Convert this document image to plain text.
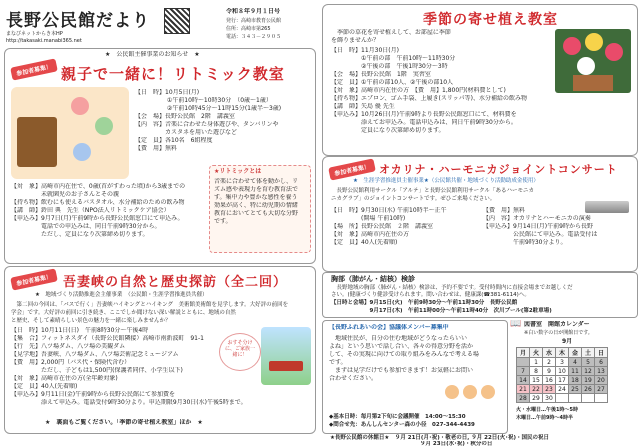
長野公民館だより
まなびネットからき本HP
http://takasaki.manabi365.net
令和８年９月１日号
発行：高崎市教育公民館
住所：高崎市第265
電話：３４３－２９０５
★　公民館主催事業のお知らせ　★
参加者募集！ 親子で一緒に！リトミック教室
【日　時】10月5日(月)
　　　　　 ①午前10時～10時30分　（0歳～1歳）
　　　　　 ②午前10時45分～11時15分(1歳半～3歳)
【会　場】長野公民館　2階　講義室
【内　容】音楽に合わせた身体遊びや、タンバリンや
　　　　　カスタネを用いた遊びなど
【定　員】各10名　6組程度
【費　用】無料
【対　象】高崎市内在住で、0歳(首がすわった頃)から3歳までの
　　　　　未就園児のお子さんとその親
【持ち物】飲むにも使えるバスタオル、水分補給のための飲み物
【講　師】鈴田 典　先生（NPO法人リトミックケア協会）
【申込み】9月7日(月)午前9時から長野公民館窓口にて申込み。
　　　　　電話での申込みは、同日午前9時30分から。
　　　　　ただし、定員になり次第締め切ります。
★リトミックとは
音楽に合わせて体を動かし、リ
ズム感や表現力を育む教育法で
す。集中力や豊かな感性を養う
効果が高く、特に幼児期の情緒
教育においてとても大切な分野
です。
参加者募集！ 吾妻峡の自然と歴史探訪（全二回）
★　地域づくり活動推進会主催事業　（公民館・生涯学習推進員共催）
　第二回の今回は、「バスで行く」吾妻峡ハイキングとハイキング　美術館美術館を見学します。大好評の前回を
学会」です。大好評の前回に引き続き、ここでしか聞けない深い解説とともに、地域の自然
と歴史、そして素晴らしい景色の魅力を一緒に楽しみませんか？
【日　時】10月11日(日)　午前8時30分～午後4時
【集　合】フィットネスダイ（長野公民館隣接）高崎市南新波町　91-1
【行　先】八ツ場ダム、八ツ場の美観ダム
【見学地】吾妻峡、八ツ場ダム、八ツ場芸術記念ミュージアム
【費　用】2,000円（バス代・保険代含む）
　　　　　ただし、子どもは1,500円(保護者同伴、小学生以下)
【対　象】高崎市在住の方(全年齢対象)
【定　員】40人(先着順)
【申込み】9月11日(金)午前9時から長野公民館にて参加費を
　　　　　添えて申込み。電話受付9時30分より。申込期限9月30日(水)午後5時まで。
おすそ分けに、ご家族一緒に！
★　裏面もご覧ください。「季節の寄せ植え教室」ほか　★
季節の寄せ植え教室
　季節の草花を寄せ植えして、お部屋に季節
を飾りませんか？
【日　時】11月30日(月)
　　　　　①午前の部　午前10時～11時30分
　　　　　②午後の部　午後1時30分～3時
【会　場】長野公民館　1階　実習室
【定　員】①午前の部10人、②午後の部10人
【対　象】高崎市内在住の方　【費　用】1,800円(材料費として)
【持ち物】エプロン、ゴム手袋、上履き(スリッパ等)、水分補給の飲み物
【講　師】矢島 優 先生
【申込み】10月26日(月)午前9時より長野公民館窓口にて、材料費を
　　　　　添えてお申込み。電話申込みは、同日午前9時30分から。
　　　　　定員になり次第締め切ります。
参加者募集！ オカリナ・ハーモニカジョイントコンサート
★　生涯学習推進員主催事業★（公民館共催・地域づくり活動助成金使用）
　長野公民館利用サークル「アルテ」と長野公民館利用サークル「あるハーモニカ
ニカグラブ」のジョイントコンサートです。ぜひご来場ください。
【日　時】9月30日(水) 午前10時半～正午
　　　　　(開場 午前10時)
【場　所】長野公民館　２階　講義室
【対　象】高崎市内在住の方
【定　員】40人(先着順)
【費　用】無料
【内　容】オカリナとハーモニカの演奏
【申込み】9月14日(月)午前9時から長野
　　　　　公民館にて申込み。電話受付は
　　　　　午前9時30分より。
胸部（肺がん・結核）検診
　長野地域の胸部（肺がん・結核）検診は、予約不要です。受付時間内に直接会場までお越しくだ
さい。(健康づくり健診受けられます。問い合わせは、健康課(☎381-6114)へ。
【日時と会場】9月15日(火)　午前9時30分～午前11時30分　長野公民館
　　　　　　　9月17日(木)　午前11時00分～午前11時40分　次川プール(第2駐車場)
【長野ふれあいの会】協議体メンバー募集中
　地域住民が、自分の住む地域がどうなったらいい
よね」という思いで話し合い、各々の得意分野を活か
して、その実現に向けての取り組みをみんなで考える場
です。
　まずは見学だけでも参加できます！お気軽にお問い
合わせください。
◆基本日時：毎月第2下旬に会議開催　14:00～15:30
◆問合せ先：あんしんセンター森の小径　027-344-4439
📖 図書室　開館カレンダー
※白い数字の日が開館日です。
9月
月	火	水	木	金	土	日
	1	2	3	4	5	6
7	8	9	10	11	12	13
14	15	16	17	18	19	20
21	22	23	24	25	26	27
28	29	30				
火・水曜日…午後1時～5時
木曜日…午前9時～4時半
★長野公民館の休館日★　９月 21日(月･祝)・敬老の日, ９月 22日(火･祝)・国民の祝日
９月 23日(水･祝)・秋分の日
